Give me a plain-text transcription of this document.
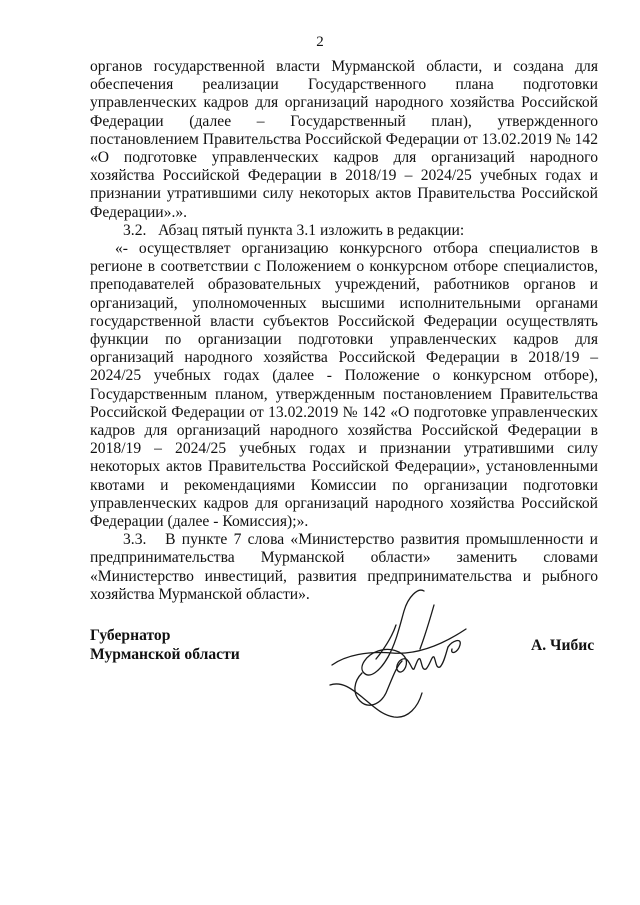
2

органов государственной власти Мурманской области, и создана для обеспечения реализации Государственного плана подготовки управленческих кадров для организаций народного хозяйства Российской Федерации (далее – Государственный план), утвержденного постановлением Правительства Российской Федерации от 13.02.2019 № 142 «О подготовке управленческих кадров для организаций народного хозяйства Российской Федерации в 2018/19 – 2024/25 учебных годах и признании утратившими силу некоторых актов Правительства Российской Федерации».».

3.2.   Абзац пятый пункта 3.1 изложить в редакции:

«- осуществляет организацию конкурсного отбора специалистов в регионе в соответствии с Положением о конкурсном отборе специалистов, преподавателей образовательных учреждений, работников органов и организаций, уполномоченных высшими исполнительными органами государственной власти субъектов Российской Федерации осуществлять функции по организации подготовки управленческих кадров для организаций народного хозяйства Российской Федерации в 2018/19 – 2024/25 учебных годах (далее - Положение о конкурсном отборе), Государственным планом, утвержденным постановлением Правительства Российской Федерации от 13.02.2019 № 142 «О подготовке управленческих кадров для организаций народного хозяйства Российской Федерации в 2018/19 – 2024/25 учебных годах и признании утратившими силу некоторых актов Правительства Российской Федерации», установленными квотами и рекомендациями Комиссии по организации подготовки управленческих кадров для организаций народного хозяйства Российской Федерации (далее - Комиссия);».

3.3.   В пункте 7 слова «Министерство развития промышленности и предпринимательства Мурманской области» заменить словами «Министерство инвестиций, развития предпринимательства и рыбного хозяйства Мурманской области».

Губернатор
Мурманской области	А. Чибис
